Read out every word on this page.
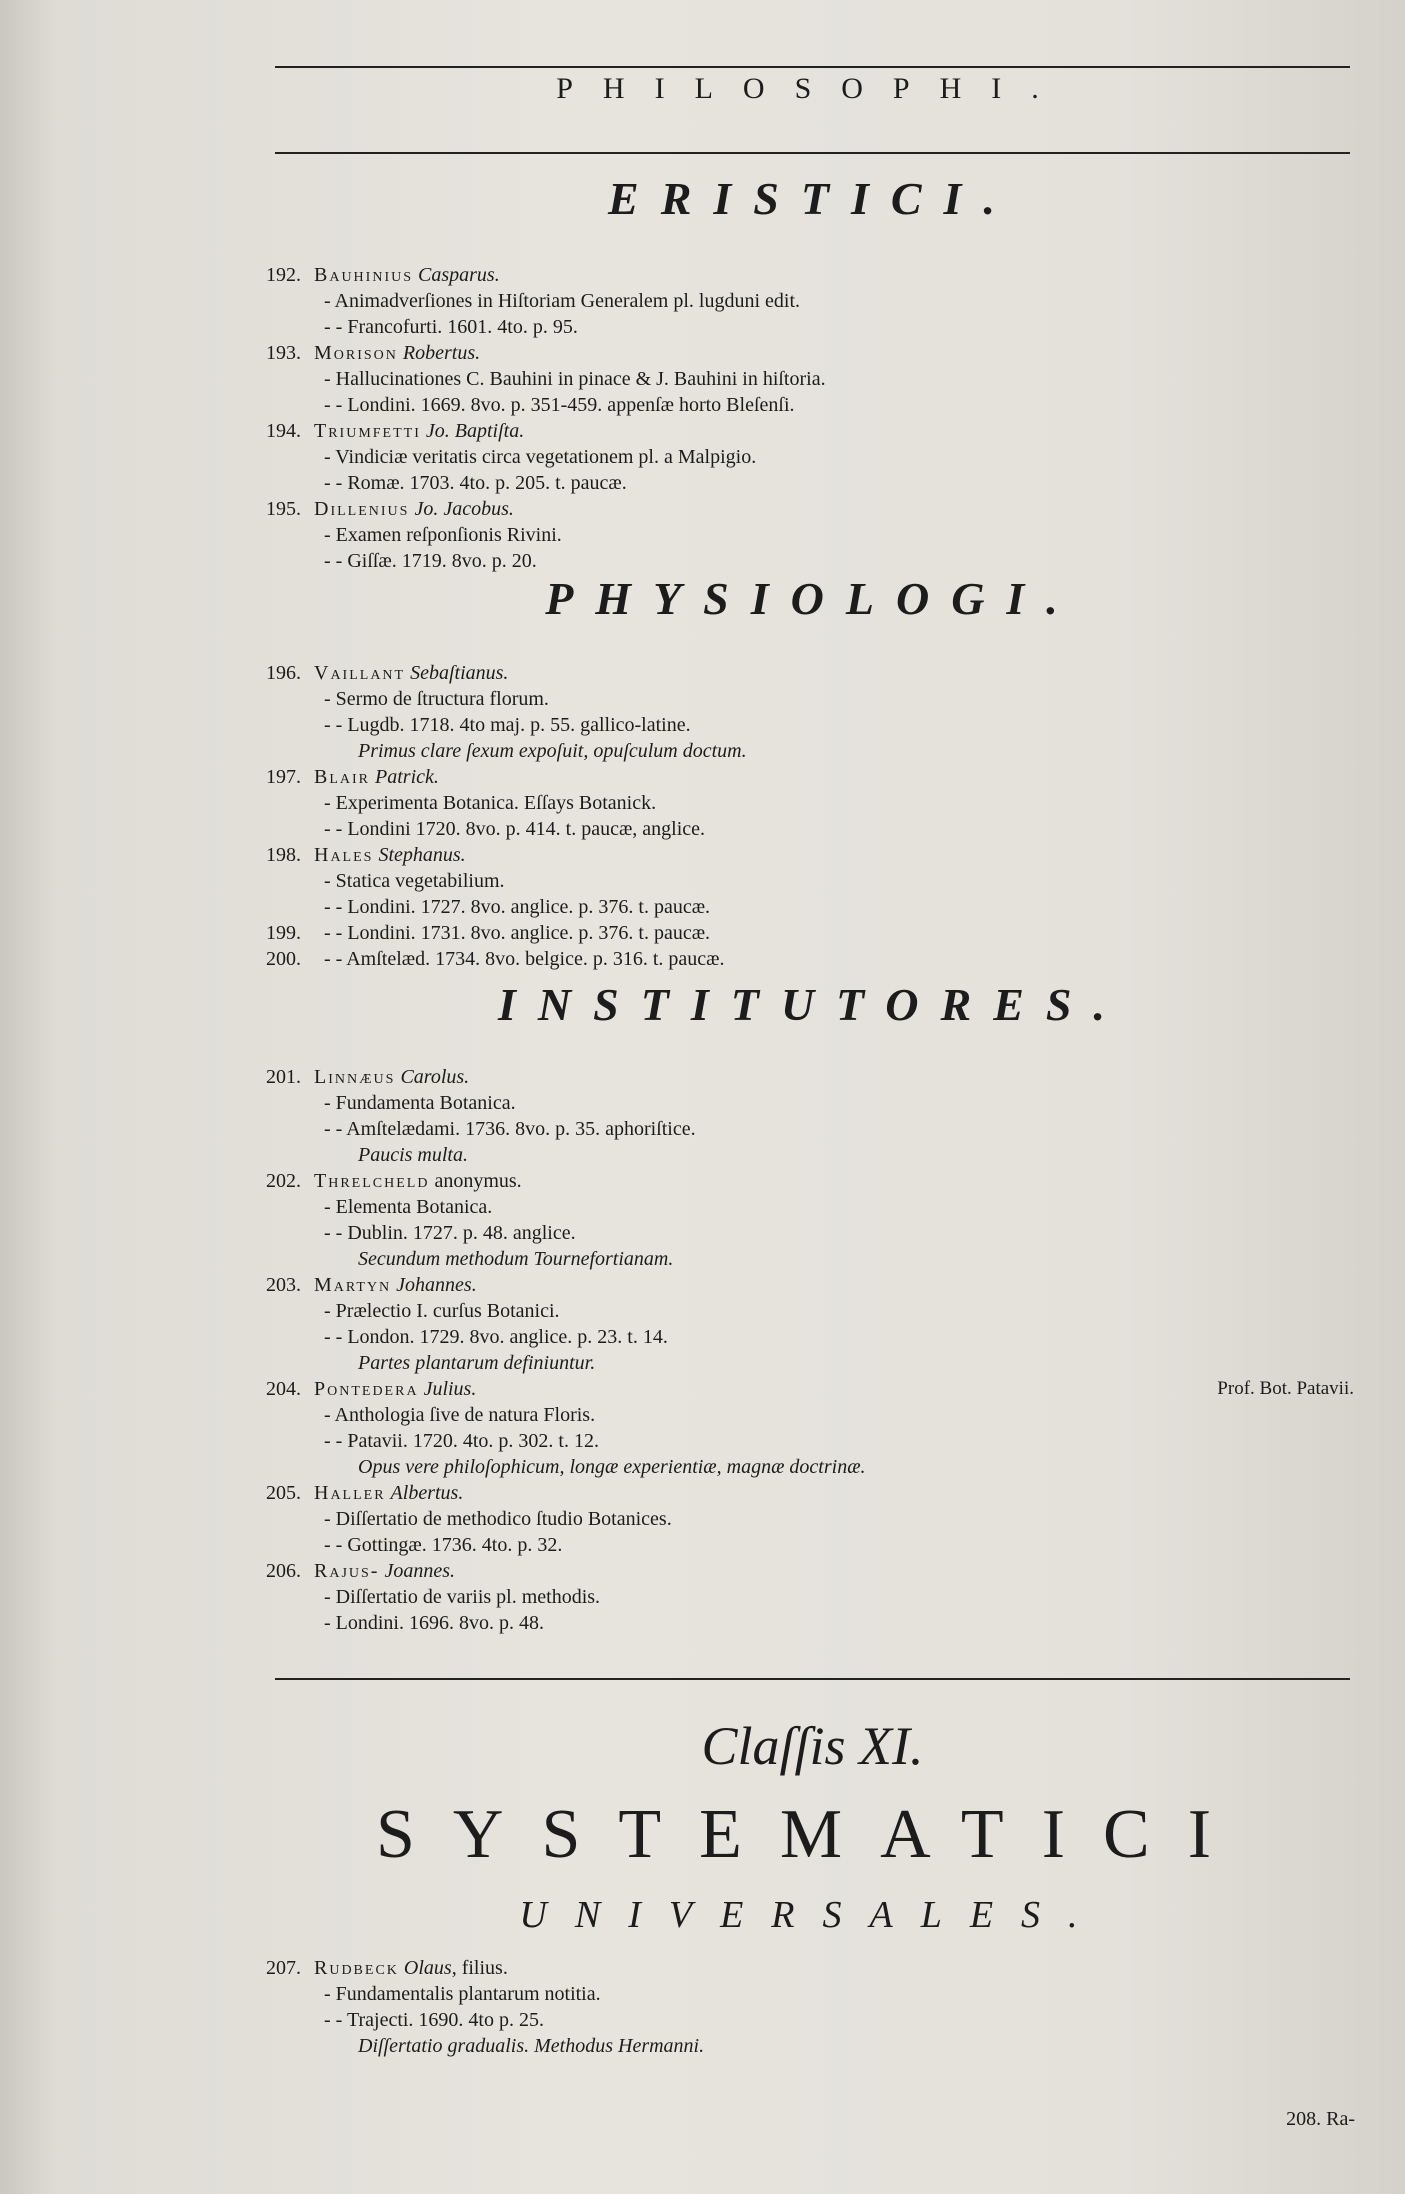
PHILOSOPHI.
ERISTICI.
192. Bauhinius Casparus.
- Animadverſiones in Hiſtoriam Generalem pl. lugduni edit.
- - Francofurti. 1601. 4to. p. 95.
193. Morison Robertus.
- Hallucinationes C. Bauhini in pinace & J. Bauhini in hiſtoria.
- - Londini. 1669. 8vo. p. 351-459. appenſæ horto Bleſenſi.
194. Triumfetti Jo. Baptiſta.
- Vindiciæ veritatis circa vegetationem pl. a Malpigio.
- - Romæ. 1703. 4to. p. 205. t. paucæ.
195. Dillenius Jo. Jacobus.
- Examen reſponſionis Rivini.
- - Giſſæ. 1719. 8vo. p. 20.
PHYSIOLOGI.
196. Vaillant Sebaſtianus.
- Sermo de ſtructura florum.
- - Lugdb. 1718. 4to maj. p. 55. gallico-latine.
Primus clare ſexum expoſuit, opuſculum doctum.
197. Blair Patrick.
- Experimenta Botanica. Eſſays Botanick.
- - Londini 1720. 8vo. p. 414. t. paucæ, anglice.
198. Hales Stephanus.
- Statica vegetabilium.
- - Londini. 1727. 8vo. anglice. p. 376. t. paucæ.
199. - - Londini. 1731. 8vo. anglice. p. 376. t. paucæ.
200. - - Amſtelæd. 1734. 8vo. belgice. p. 316. t. paucæ.
INSTITUTORES.
201. Linnæus Carolus.
- Fundamenta Botanica.
- - Amſtelædami. 1736. 8vo. p. 35. aphoriſtice.
Paucis multa.
202. Threlcheld anonymus.
- Elementa Botanica.
- - Dublin. 1727. p. 48. anglice.
Secundum methodum Tournefortianam.
203. Martyn Johannes.
- Prælectio I. curſus Botanici.
- - London. 1729. 8vo. anglice. p. 23. t. 14.
Partes plantarum definiuntur.
204. Pontedera Julius.	Prof. Bot. Patavii.
- Anthologia ſive de natura Floris.
- - Patavii. 1720. 4to. p. 302. t. 12.
Opus vere philoſophicum, longæ experientiæ, magnæ doctrinæ.
205. Haller Albertus.
- Diſſertatio de methodico ſtudio Botanices.
- - Gottingæ. 1736. 4to. p. 32.
206. Rajus- Joannes.
- Diſſertatio de variis pl. methodis.
- Londini. 1696. 8vo. p. 48.
Claſſis XI.
SYSTEMATICI
UNIVERSALES.
207. Rudbeck Olaus, filius.
- Fundamentalis plantarum notitia.
- - Trajecti. 1690. 4to p. 25.
Diſſertatio gradualis. Methodus Hermanni.
208. Ra-
